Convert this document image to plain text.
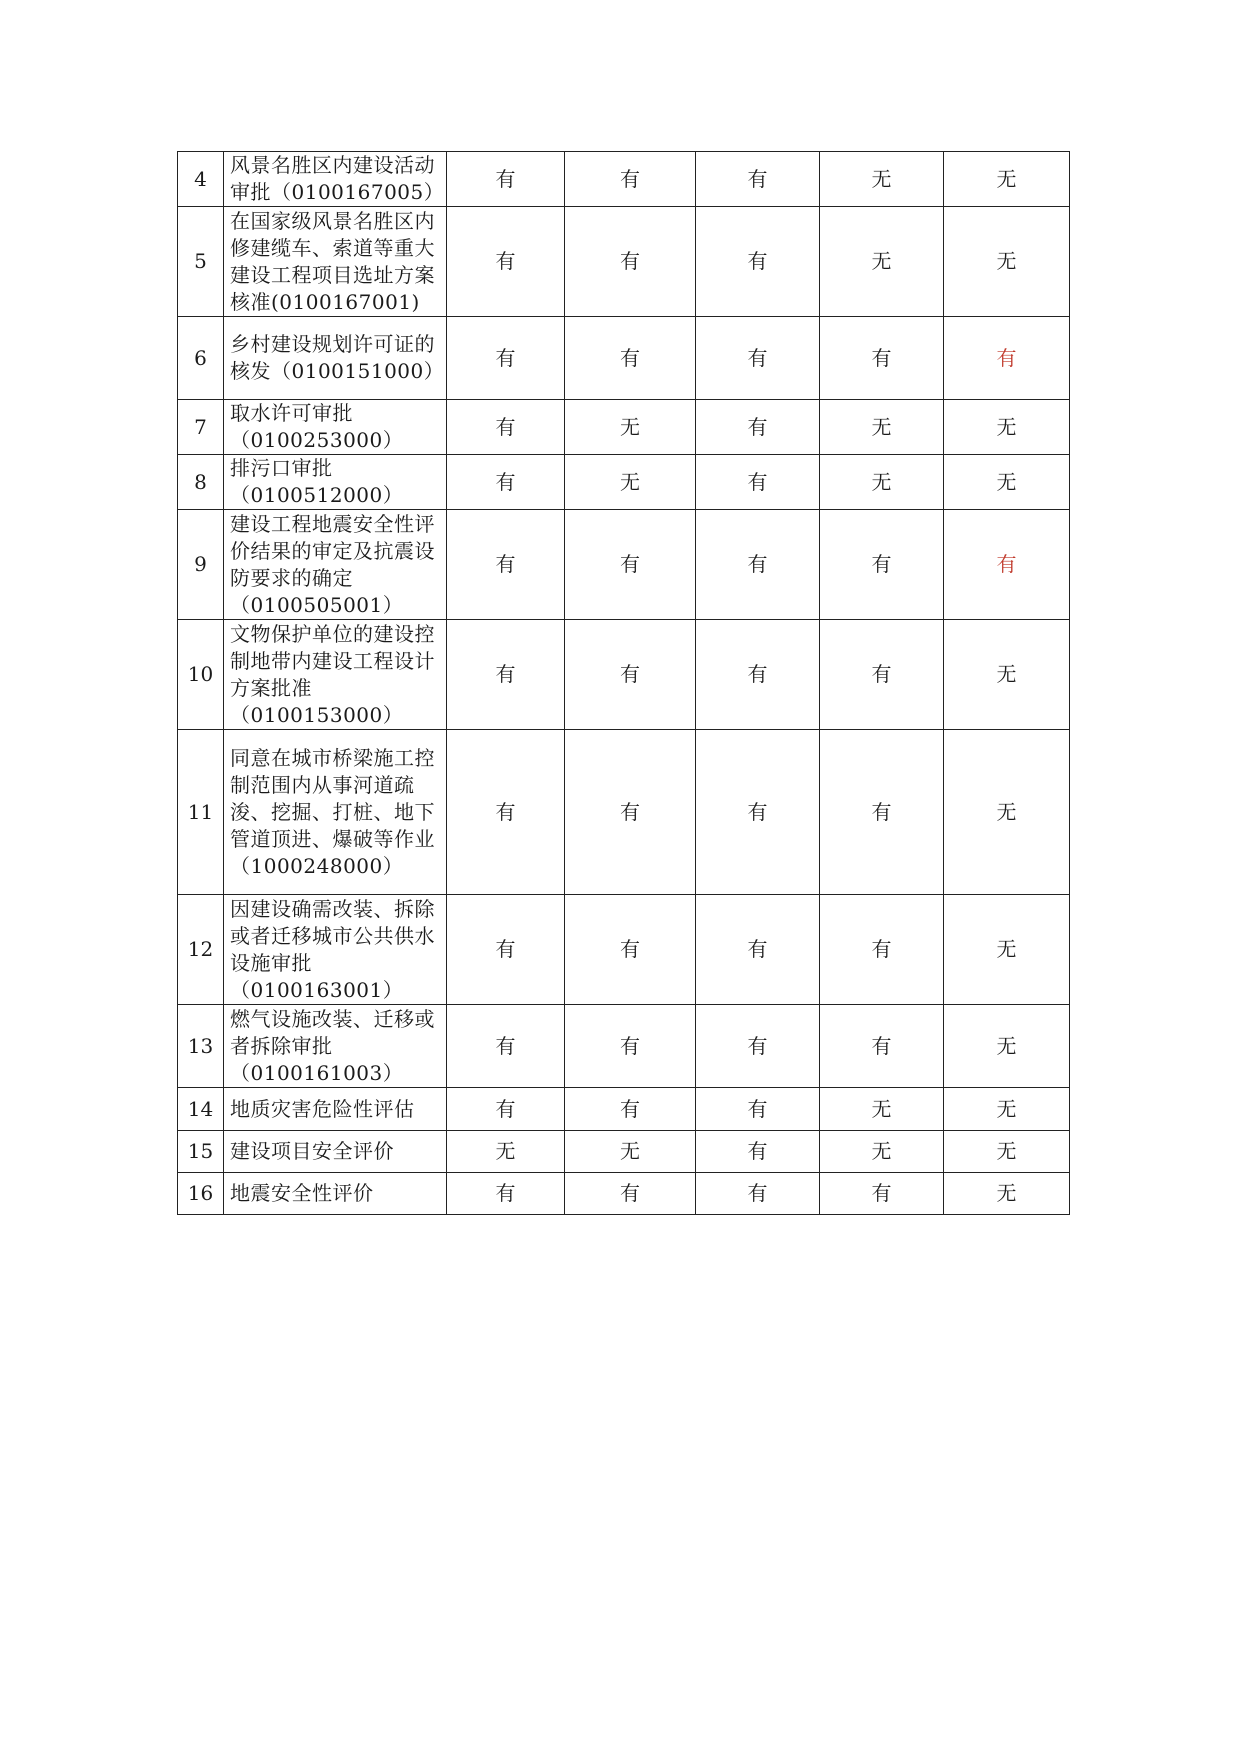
4	风景名胜区内建设活动审批（0100167005）	有	有	有	无	无
5	在国家级风景名胜区内修建缆车、索道等重大建设工程项目选址方案核准(0100167001)	有	有	有	无	无
6	乡村建设规划许可证的核发（0100151000）	有	有	有	有	有
7	取水许可审批（0100253000）	有	无	有	无	无
8	排污口审批（0100512000）	有	无	有	无	无
9	建设工程地震安全性评价结果的审定及抗震设防要求的确定（0100505001）	有	有	有	有	有
10	文物保护单位的建设控制地带内建设工程设计方案批准（0100153000）	有	有	有	有	无
11	同意在城市桥梁施工控制范围内从事河道疏浚、挖掘、打桩、地下管道顶进、爆破等作业（1000248000）	有	有	有	有	无
12	因建设确需改装、拆除或者迁移城市公共供水设施审批（0100163001）	有	有	有	有	无
13	燃气设施改装、迁移或者拆除审批（0100161003）	有	有	有	有	无
14	地质灾害危险性评估	有	有	有	无	无
15	建设项目安全评价	无	无	有	无	无
16	地震安全性评价	有	有	有	有	无
